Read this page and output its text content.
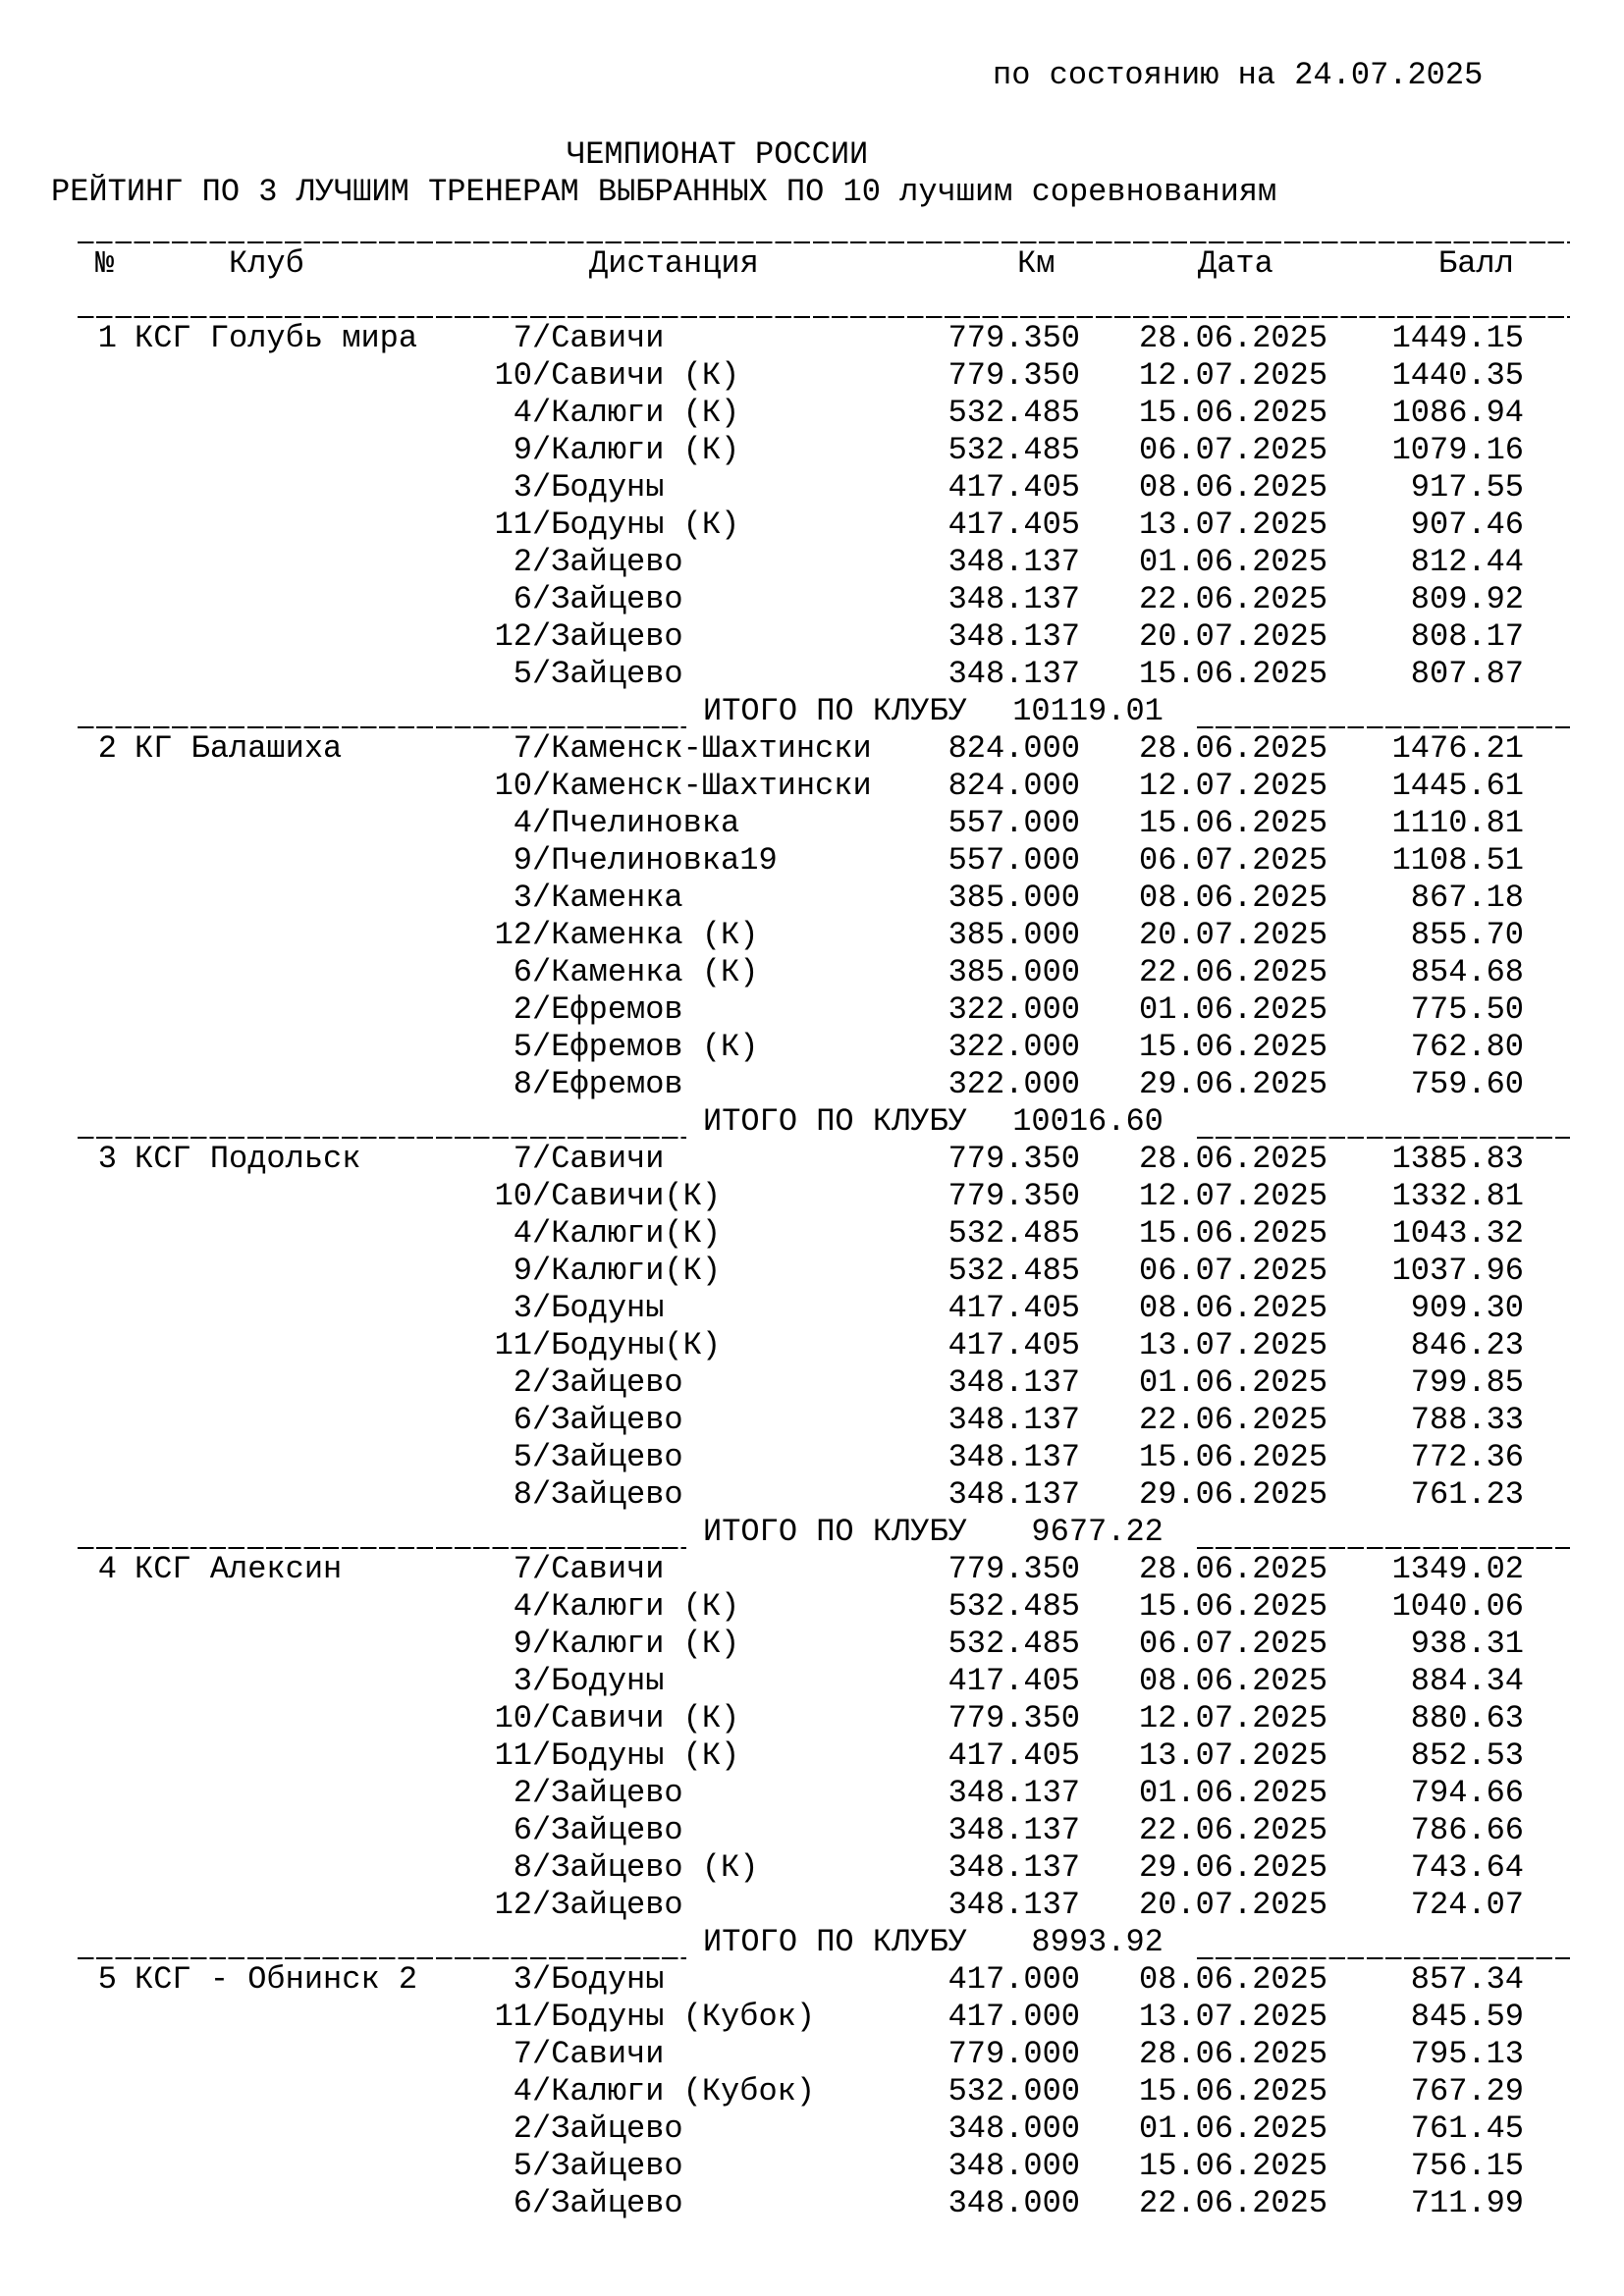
по состоянию на 24.07.2025
ЧЕМПИОНАТ РОССИИ
РЕЙТИНГ ПО 3 ЛУЧШИМ ТРЕНЕРАМ ВЫБРАННЫХ ПО 10 лучшим соревнованиям
№	Клуб	Дистанция	Км	Дата	Балл
1 КСГ Голубь мира	7/Савичи	779.350 28.06.2025	1449.15
10/Савичи (К)	779.350 12.07.2025	1440.35
4/Калюги (К)	532.485 15.06.2025	1086.94
9/Калюги (К)	532.485 06.07.2025	1079.16
3/Бодуны	417.405 08.06.2025	917.55
11/Бодуны (К)	417.405 13.07.2025	907.46
2/Зайцево	348.137 01.06.2025	812.44
6/Зайцево	348.137 22.06.2025	809.92
12/Зайцево	348.137 20.07.2025	808.17
5/Зайцево	348.137 15.06.2025	807.87
ИТОГО ПО КЛУБУ 10119.01
2 КГ Балашиха	7/Каменск-Шахтински	824.000 28.06.2025	1476.21
10/Каменск-Шахтински	824.000 12.07.2025	1445.61
4/Пчелиновка	557.000 15.06.2025	1110.81
9/Пчелиновка19	557.000 06.07.2025	1108.51
3/Каменка	385.000 08.06.2025	867.18
12/Каменка (К)	385.000 20.07.2025	855.70
6/Каменка (К)	385.000 22.06.2025	854.68
2/Ефремов	322.000 01.06.2025	775.50
5/Ефремов (К)	322.000 15.06.2025	762.80
8/Ефремов	322.000 29.06.2025	759.60
ИТОГО ПО КЛУБУ 10016.60
3 КСГ Подольск	7/Савичи	779.350 28.06.2025	1385.83
10/Савичи(К)	779.350 12.07.2025	1332.81
4/Калюги(К)	532.485 15.06.2025	1043.32
9/Калюги(К)	532.485 06.07.2025	1037.96
3/Бодуны	417.405 08.06.2025	909.30
11/Бодуны(К)	417.405 13.07.2025	846.23
2/Зайцево	348.137 01.06.2025	799.85
6/Зайцево	348.137 22.06.2025	788.33
5/Зайцево	348.137 15.06.2025	772.36
8/Зайцево	348.137 29.06.2025	761.23
ИТОГО ПО КЛУБУ 9677.22
4 КСГ Алексин	7/Савичи	779.350 28.06.2025	1349.02
4/Калюги (К)	532.485 15.06.2025	1040.06
9/Калюги (К)	532.485 06.07.2025	938.31
3/Бодуны	417.405 08.06.2025	884.34
10/Савичи (К)	779.350 12.07.2025	880.63
11/Бодуны (К)	417.405 13.07.2025	852.53
2/Зайцево	348.137 01.06.2025	794.66
6/Зайцево	348.137 22.06.2025	786.66
8/Зайцево (К)	348.137 29.06.2025	743.64
12/Зайцево	348.137 20.07.2025	724.07
ИТОГО ПО КЛУБУ 8993.92
5 КСГ - Обнинск 2	3/Бодуны	417.000 08.06.2025	857.34
11/Бодуны (Кубок)	417.000 13.07.2025	845.59
7/Савичи	779.000 28.06.2025	795.13
4/Калюги (Кубок)	532.000 15.06.2025	767.29
2/Зайцево	348.000 01.06.2025	761.45
5/Зайцево	348.000 15.06.2025	756.15
6/Зайцево	348.000 22.06.2025	711.99
